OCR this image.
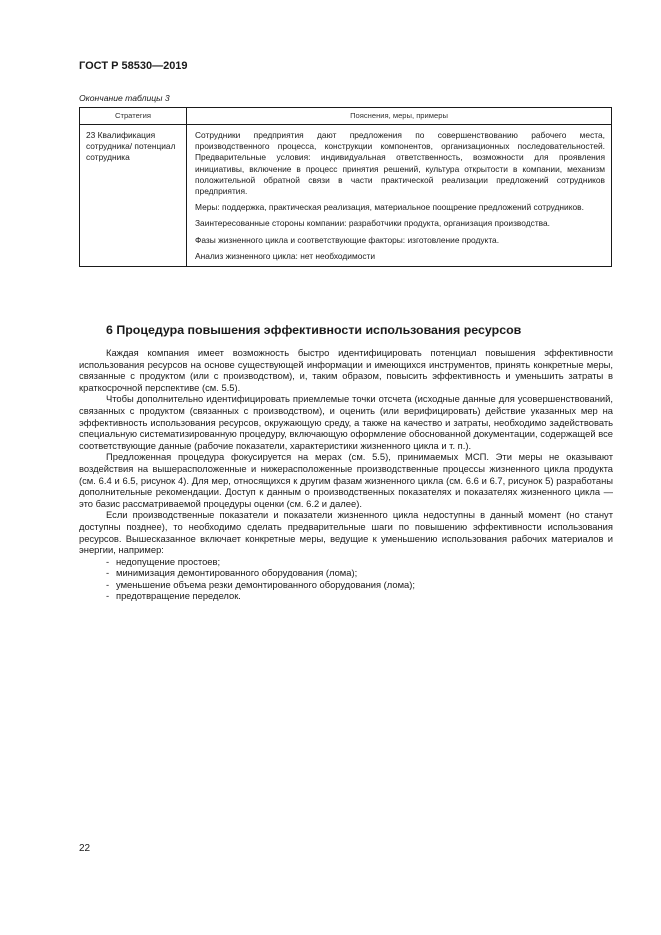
ГОСТ Р 58530—2019
Окончание таблицы 3
Стратегия	Пояснения, меры, примеры
23 Квалификация сотрудника/ потенциал сотрудника	Сотрудники предприятия дают предложения по совершенствованию рабочего места, производственного процесса, конструкции компонентов, организационных последовательностей. Предварительные условия: индивидуальная ответственность, возможности для проявления инициативы, включение в процесс принятия решений, культура открытости в компании, механизм положительной обратной связи в части практической реализации предложений сотрудников предприятия.

Меры: поддержка, практическая реализация, материальное поощрение предложений сотрудников.

Заинтересованные стороны компании: разработчики продукта, организация производства.

Фазы жизненного цикла и соответствующие факторы: изготовление продукта.

Анализ жизненного цикла: нет необходимости

6 Процедура повышения эффективности использования ресурсов

Каждая компания имеет возможность быстро идентифицировать потенциал повышения эффективности использования ресурсов на основе существующей информации и имеющихся инструментов, принять конкретные меры, связанные с продуктом (или с производством), и, таким образом, повысить эффективность и уменьшить затраты в краткосрочной перспективе (см. 5.5).

Чтобы дополнительно идентифицировать приемлемые точки отсчета (исходные данные для усовершенствований, связанных с продуктом (связанных с производством), и оценить (или верифицировать) действие указанных мер на эффективность использования ресурсов, окружающую среду, а также на качество и затраты, необходимо задействовать специальную систематизированную процедуру, включающую оформление обоснованной документации, содержащей все соответствующие данные (рабочие показатели, характеристики жизненного цикла и т. п.).

Предложенная процедура фокусируется на мерах (см. 5.5), принимаемых МСП. Эти меры не оказывают воздействия на вышерасположенные и нижерасположенные производственные процессы жизненного цикла продукта (см. 6.4 и 6.5, рисунок 4). Для мер, относящихся к другим фазам жизненного цикла (см. 6.6 и 6.7, рисунок 5) разработаны дополнительные рекомендации. Доступ к данным о производственных показателях и показателях жизненного цикла — это базис рассматриваемой процедуры оценки (см. 6.2 и далее).

Если производственные показатели и показатели жизненного цикла недоступны в данный момент (но станут доступны позднее), то необходимо сделать предварительные шаги по повышению эффективности использования ресурсов. Вышесказанное включает конкретные меры, ведущие к уменьшению использования рабочих материалов и энергии, например:

- недопущение простоев;
- минимизация демонтированного оборудования (лома);
- уменьшение объема резки демонтированного оборудования (лома);
- предотвращение переделок.
22
